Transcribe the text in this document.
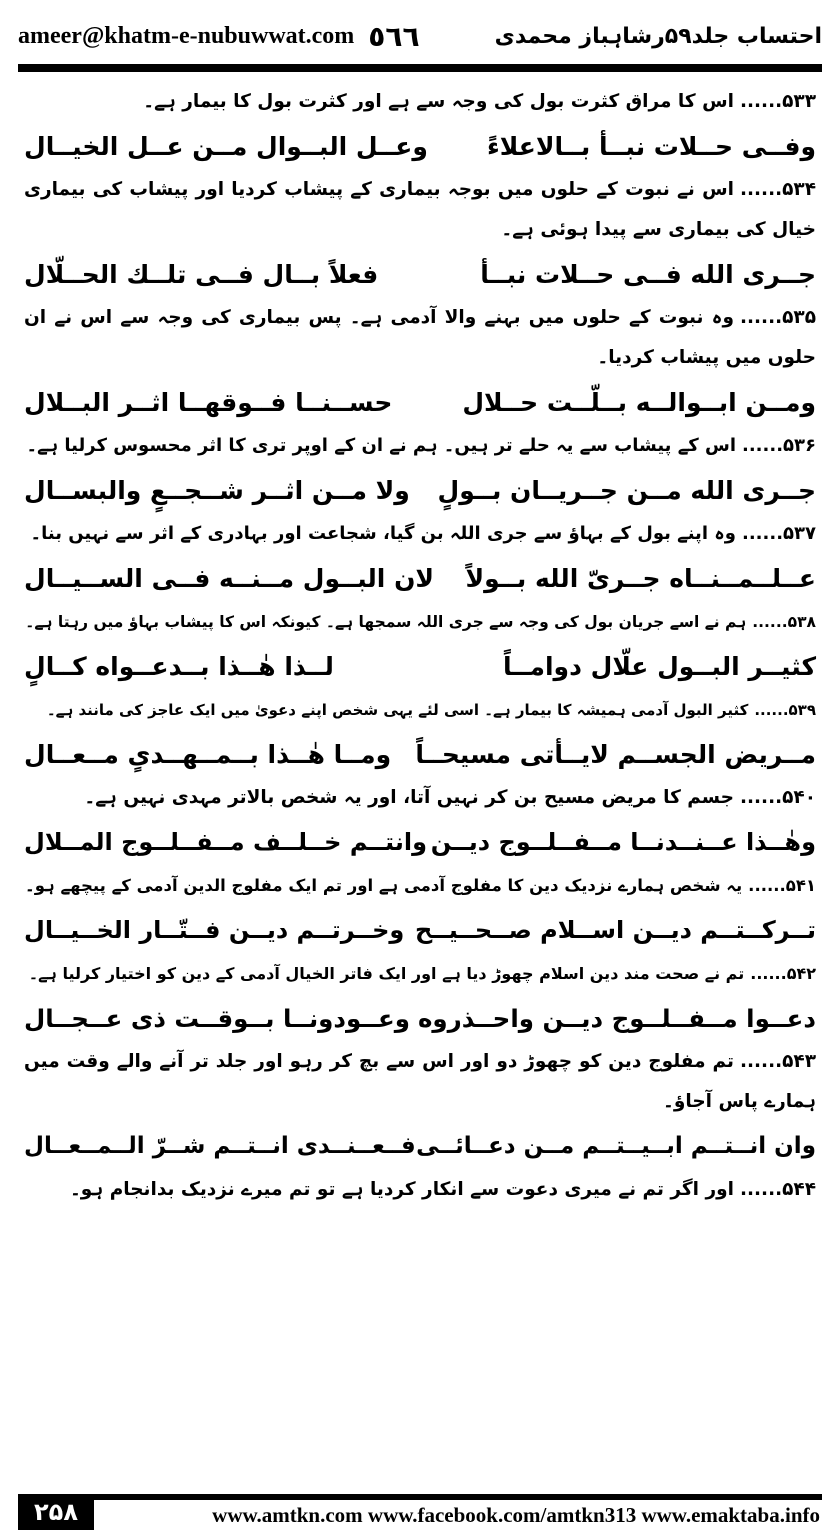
ameer@khatm-e-nubuwwat.com ٥٦٦	احتساب جلد۵۹رشاہباز محمدی
۵۳۳......اس کا مراق کثرت بول کی وجہ سے ہے اور کثرت بول کا بیمار ہے۔
وفــی حــلات نبــأ بــالاعلاءً
وعــل البــوال مــن عــل الخيــال
۵۳۴......اس نے نبوت کے حلوں میں بوجہ بیماری کے پیشاب کردیا اور پیشاب کی بیماری خیال کی بیماری سے پیدا ہوئی ہے۔
جــرى الله فــى حــلات نبــأ
فعلاً بــال فــى تلــك الحــلّال
۵۳۵......وہ نبوت کے حلوں میں بہنے والا آدمی ہے۔ پس بیماری کی وجہ سے اس نے ان حلوں میں پیشاب کردیا۔
ومــن ابــوالــه بــلّــت حــلال
حســنــا فــوقهــا اثــر البــلال
۵۳۶......اس کے پیشاب سے یہ حلے تر ہیں۔ ہم نے ان کے اوپر تری کا اثر محسوس کرلیا ہے۔
جــرى الله مــن جــريــان بــولٍ
ولا مــن اثــر شــجــعٍ والبســال
۵۳۷......وہ اپنے بول کے بہاؤ سے جری اللہ بن گیا، شجاعت اور بہادری کے اثر سے نہیں بنا۔
عــلــمــنــاه جــرىّ الله بــولاً
لان البــول مــنــه فــى الســيــال
۵۳۸......ہم نے اسے جریان بول کی وجہ سے جری اللہ سمجھا ہے۔ کیونکہ اس کا پیشاب بہاؤ میں رہتا ہے۔
كثيــر البــول علّال دوامــاً
لــذا هٰــذا بــدعــواه كــالٍ
۵۳۹......کثیر البول آدمی ہمیشہ کا بیمار ہے۔ اسی لئے یہی شخص اپنے دعویٰ میں ایک عاجز کی مانند ہے۔
مــريض الجســم لايــأتى مسيحــاً
ومــا هٰــذا بــمــهــدىٍ مــعــال
۵۴۰......جسم کا مریض مسیح بن کر نہیں آتا، اور یہ شخص بالاتر مہدی نہیں ہے۔
وهٰــذا عــنــدنــا مــفــلــوج ديــن
وانتــم خــلــف مــفــلــوج المــلال
۵۴۱......یہ شخص ہمارے نزدیک دین کا مفلوج آدمی ہے اور تم ایک مفلوج الدین آدمی کے پیچھے ہو۔
تــركــتــم ديــن اســلام صــحــيــح
وخــرتــم ديــن فــتّــار الخــيــال
۵۴۲......تم نے صحت مند دین اسلام چھوڑ دیا ہے اور ایک فاتر الخیال آدمی کے دین کو اختیار کرلیا ہے۔
دعــوا مــفــلــوج ديــن واحــذروه
وعــودونــا بــوقــت ذى عــجــال
۵۴۳......تم مفلوج دین کو چھوڑ دو اور اس سے بچ کر رہو اور جلد تر آنے والے وقت میں ہمارے پاس آجاؤ۔
وان انــتــم ابــيــتــم مــن دعــائــى
فــعــنــدى انــتــم شــرّ الــمــعــال
۵۴۴......اور اگر تم نے میری دعوت سے انکار کردیا ہے تو تم میرے نزدیک بدانجام ہو۔
۲۵۸	www.amtkn.com www.facebook.com/amtkn313 www.emaktaba.info
